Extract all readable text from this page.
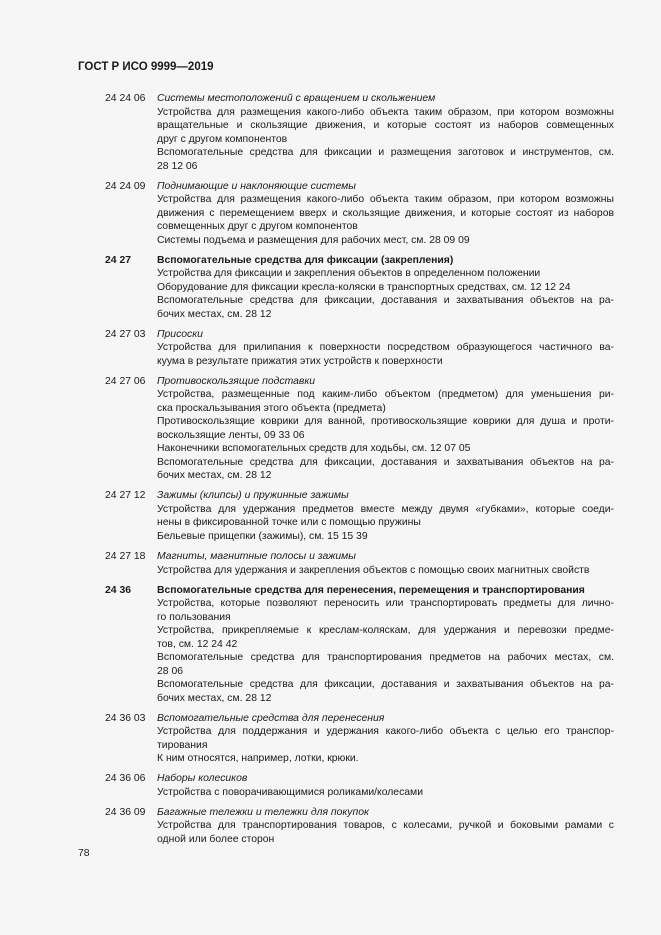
ГОСТ Р ИСО 9999—2019
24 24 06	Системы местоположений с вращением и скольжением
Устройства для размещения какого-либо объекта таким образом, при котором возможны
вращательные и скользящие движения, и которые состоят из наборов совмещенных
друг с другом компонентов
Вспомогательные средства для фиксации и размещения заготовок и инструментов, см.
28 12 06
24 24 09	Поднимающие и наклоняющие системы
Устройства для размещения какого-либо объекта таким образом, при котором возможны
движения с перемещением вверх и скользящие движения, и которые состоят из наборов
совмещенных друг с другом компонентов
Системы подъема и размещения для рабочих мест, см. 28 09 09
24 27	Вспомогательные средства для фиксации (закрепления)
Устройства для фиксации и закрепления объектов в определенном положении
Оборудование для фиксации кресла-коляски в транспортных средствах, см. 12 12 24
Вспомогательные средства для фиксации, доставания и захватывания объектов на ра-
бочих местах, см. 28 12
24 27 03	Присоски
Устройства для прилипания к поверхности посредством образующегося частичного ва-
куума в результате прижатия этих устройств к поверхности
24 27 06	Противоскользящие подставки
Устройства, размещенные под каким-либо объектом (предметом) для уменьшения ри-
ска проскальзывания этого объекта (предмета)
Противоскользящие коврики для ванной, противоскользящие коврики для душа и проти-
воскользящие ленты, 09 33 06
Наконечники вспомогательных средств для ходьбы, см. 12 07 05
Вспомогательные средства для фиксации, доставания и захватывания объектов на ра-
бочих местах, см. 28 12
24 27 12	Зажимы (клипсы) и пружинные зажимы
Устройства для удержания предметов вместе между двумя «губками», которые соеди-
нены в фиксированной точке или с помощью пружины
Бельевые прищепки (зажимы), см. 15 15 39
24 27 18	Магниты, магнитные полосы и зажимы
Устройства для удержания и закрепления объектов с помощью своих магнитных свойств
24 36	Вспомогательные средства для перенесения, перемещения и транспортирования
Устройства, которые позволяют переносить или транспортировать предметы для лично-
го пользования
Устройства, прикрепляемые к креслам-коляскам, для удержания и перевозки предме-
тов, см. 12 24 42
Вспомогательные средства для транспортирования предметов на рабочих местах, см.
28 06
Вспомогательные средства для фиксации, доставания и захватывания объектов на ра-
бочих местах, см. 28 12
24 36 03	Вспомогательные средства для перенесения
Устройства для поддержания и удержания какого-либо объекта с целью его транспор-
тирования
К ним относятся, например, лотки, крюки.
24 36 06	Наборы колесиков
Устройства с поворачивающимися роликами/колесами
24 36 09	Багажные тележки и тележки для покупок
Устройства для транспортирования товаров, с колесами, ручкой и боковыми рамами с
одной или более сторон
78
